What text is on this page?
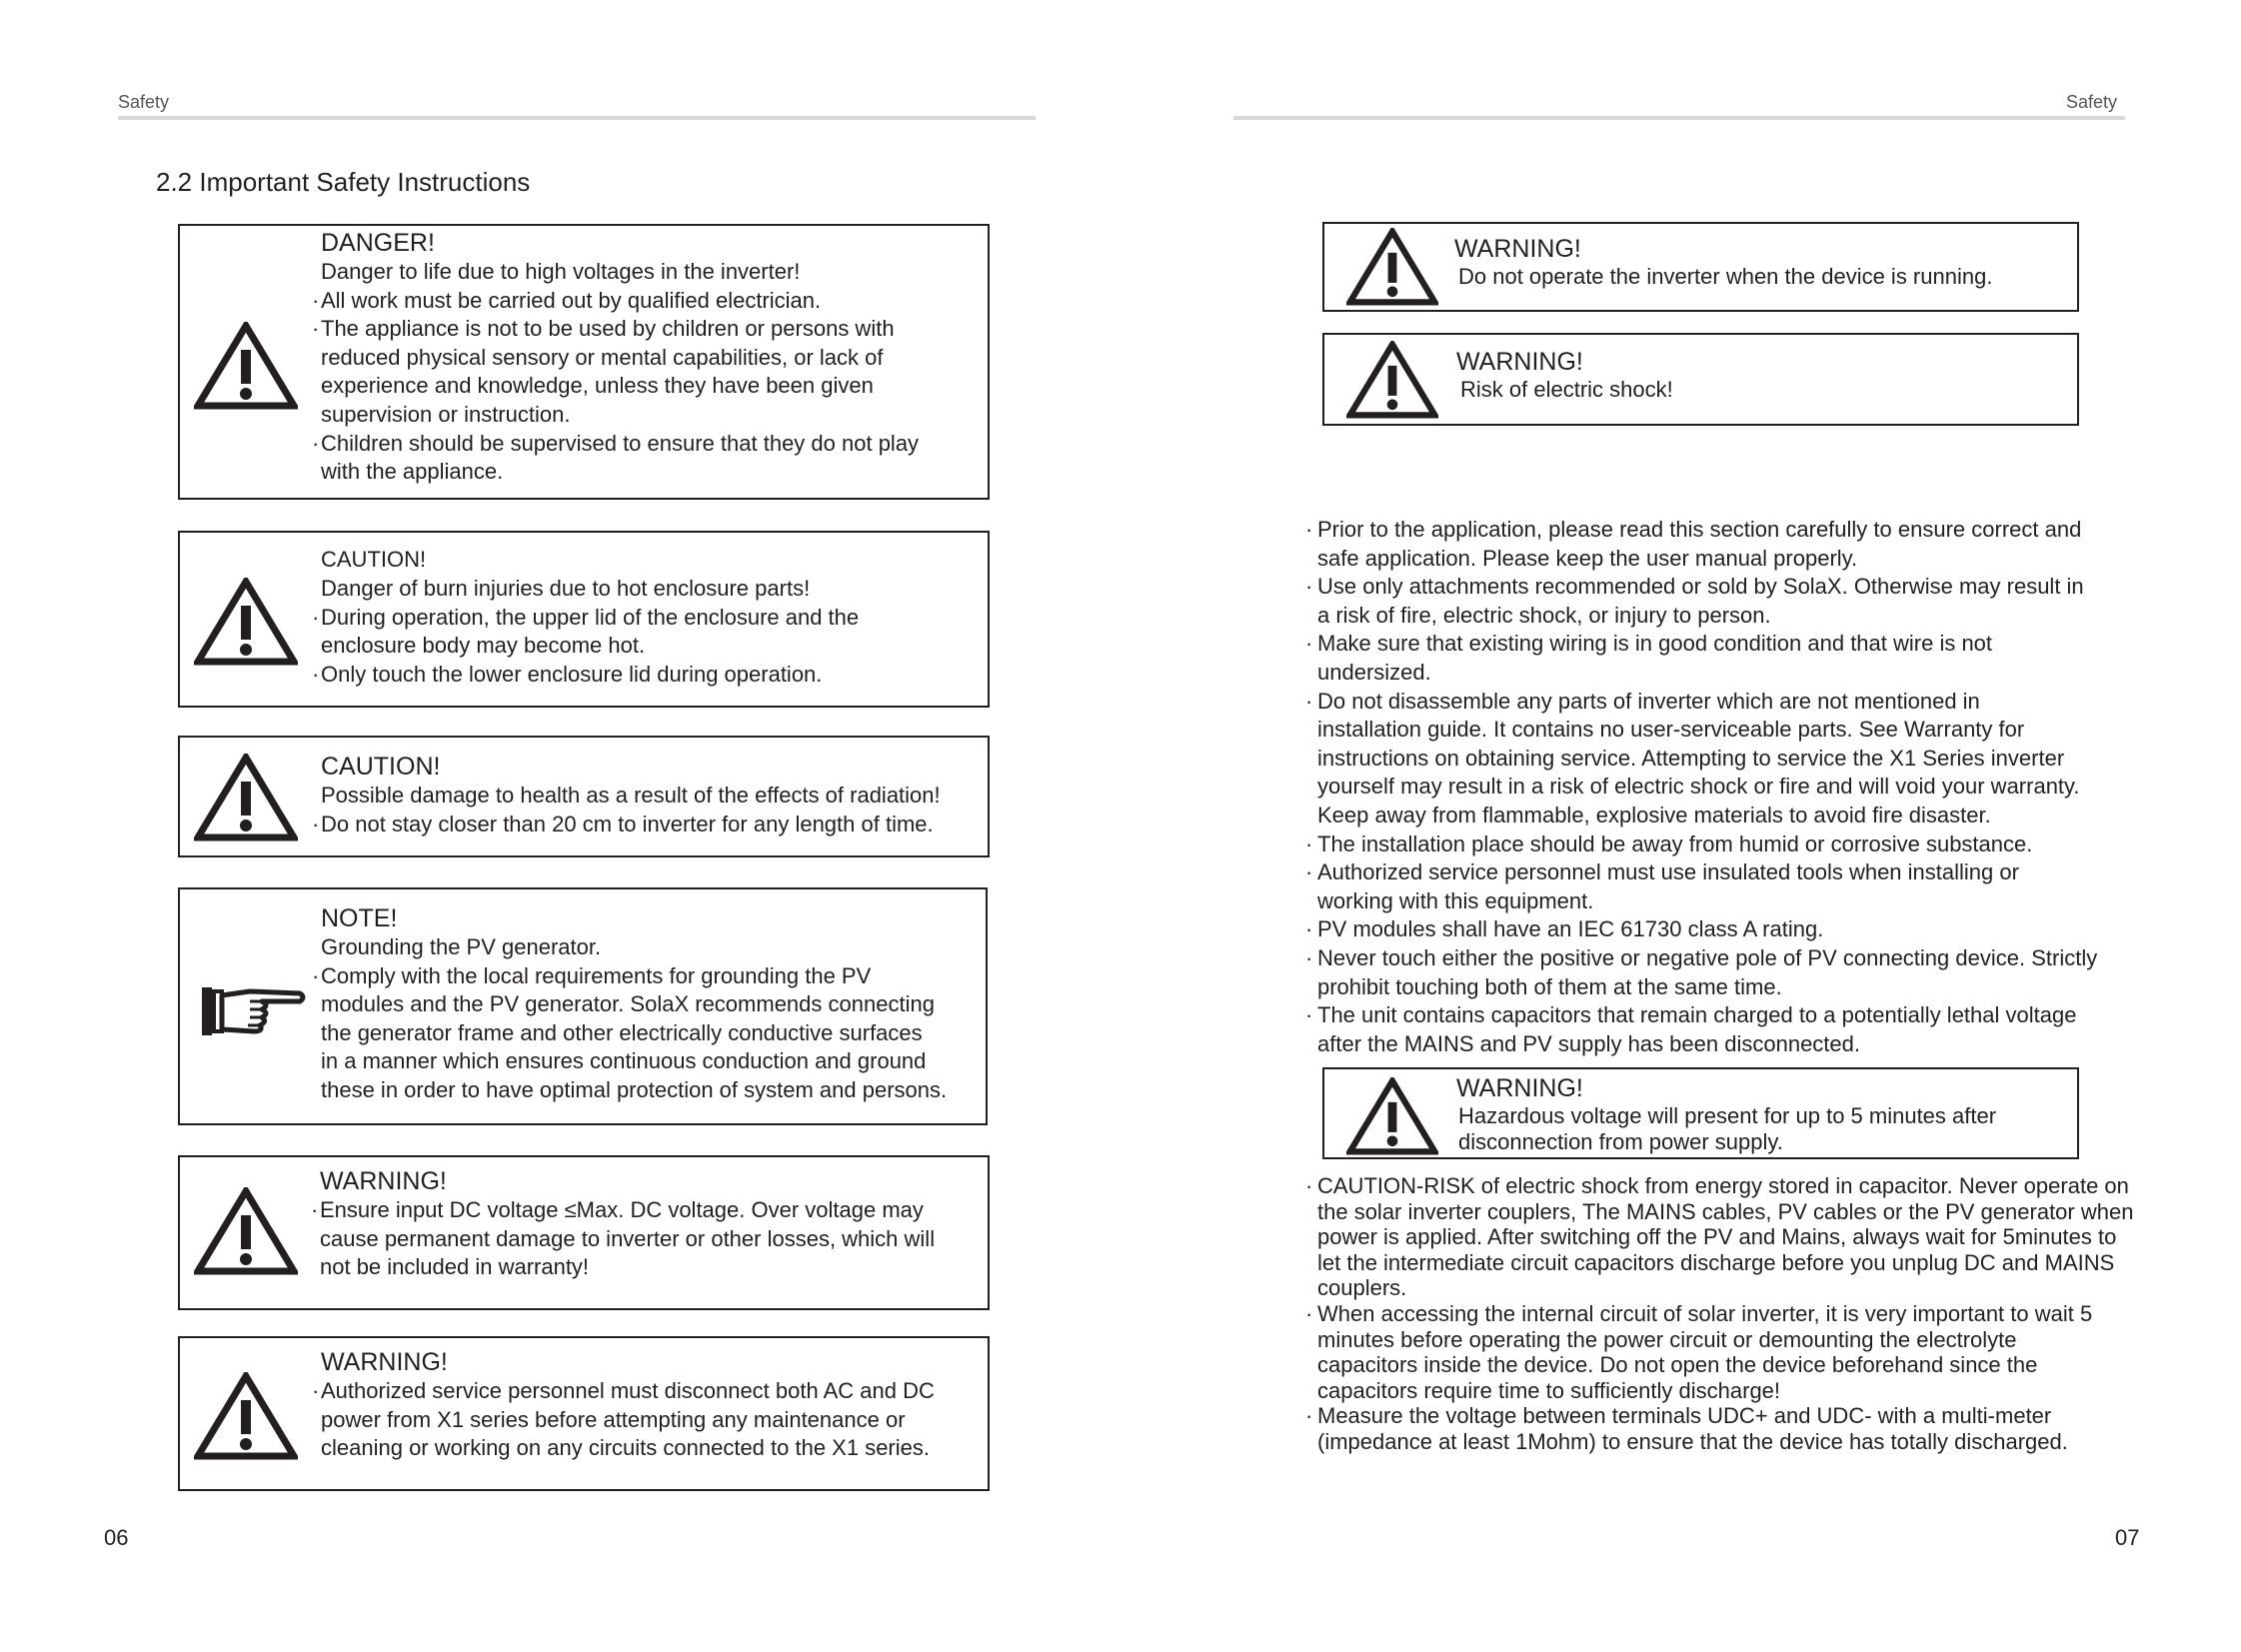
Safety
2.2 Important Safety Instructions
DANGER!
Danger to life due to high voltages in the inverter!
· All work must be carried out by qualified electrician.
· The appliance is not to be used by children or persons with
reduced physical sensory or mental capabilities, or lack of
experience and knowledge, unless they have been given
supervision or instruction.
· Children should be supervised to ensure that they do not play
with the appliance.
CAUTION!
Danger of burn injuries due to hot enclosure parts!
· During operation, the upper lid of the enclosure and the
enclosure body may become hot.
· Only touch the lower enclosure lid during operation.
CAUTION!
Possible damage to health as a result of the effects of radiation!
· Do not stay closer than 20 cm to inverter for any length of time.
NOTE!
Grounding the PV generator.
· Comply with the local requirements for grounding the PV
modules and the PV generator. SolaX recommends connecting
the generator frame and other electrically conductive surfaces
in a manner which ensures continuous conduction and ground
these in order to have optimal protection of system and persons.
WARNING!
· Ensure input DC voltage ≤Max. DC voltage. Over voltage may
cause permanent damage to inverter or other losses, which will
not be included in warranty!
WARNING!
· Authorized service personnel must disconnect both AC and DC
power from X1 series before attempting any maintenance or
cleaning or working on any circuits connected to the X1 series.
06
Safety
WARNING!
Do not operate the inverter when the device is running.
WARNING!
Risk of electric shock!
· Prior to the application, please read this section carefully to ensure correct and
safe application. Please keep the user manual properly.
· Use only attachments recommended or sold by SolaX. Otherwise may result in
a risk of fire, electric shock, or injury to person.
· Make sure that existing wiring is in good condition and that wire is not
undersized.
· Do not disassemble any parts of inverter which are not mentioned in
installation guide. It contains no user-serviceable parts. See Warranty for
instructions on obtaining service. Attempting to service the X1 Series inverter
yourself may result in a risk of electric shock or fire and will void your warranty.
Keep away from flammable, explosive materials to avoid fire disaster.
· The installation place should be away from humid or corrosive substance.
· Authorized service personnel must use insulated tools when installing or
working with this equipment.
· PV modules shall have an IEC 61730 class A rating.
· Never touch either the positive or negative pole of PV connecting device. Strictly
prohibit touching both of them at the same time.
· The unit contains capacitors that remain charged to a potentially lethal voltage
after the MAINS and PV supply has been disconnected.
WARNING!
Hazardous voltage will present for up to 5 minutes after
disconnection from power supply.
· CAUTION-RISK of electric shock from energy stored in capacitor. Never operate on
the solar inverter couplers, The MAINS cables, PV cables or the PV generator when
power is applied. After switching off the PV and Mains, always wait for 5minutes to
let the intermediate circuit capacitors discharge before you unplug DC and MAINS
couplers.
· When accessing the internal circuit of solar inverter, it is very important to wait 5
minutes before operating the power circuit or demounting the electrolyte
capacitors inside the device. Do not open the device beforehand since the
capacitors require time to sufficiently discharge!
· Measure the voltage between terminals UDC+ and UDC- with a multi-meter
(impedance at least 1Mohm) to ensure that the device has totally discharged.
07
